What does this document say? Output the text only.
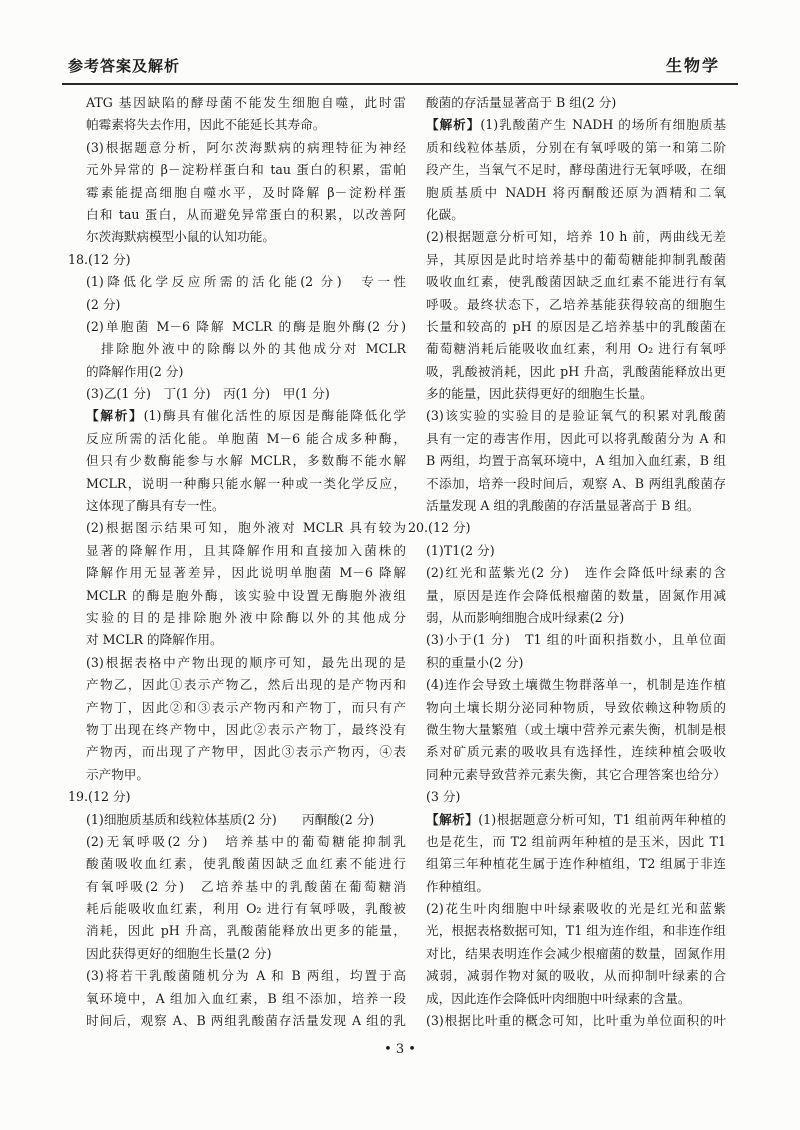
参考答案及解析	生物学
ATG 基因缺陷的酵母菌不能发生细胞自噬，此时雷
帕霉素将失去作用，因此不能延长其寿命。
(3)根据题意分析，阿尔茨海默病的病理特征为神经
元外异常的 β－淀粉样蛋白和 tau 蛋白的积累，雷帕
霉素能提高细胞自噬水平，及时降解 β－淀粉样蛋
白和 tau 蛋白，从而避免异常蛋白的积累，以改善阿
尔茨海默病模型小鼠的认知功能。
18.(12 分)
(1)降低化学反应所需的活化能(2 分)　专一性
(2 分)
(2)单胞菌 M－6 降解 MCLR 的酶是胞外酶(2 分)
　排除胞外液中的除酶以外的其他成分对 MCLR
的降解作用(2 分)
(3)乙(1 分)　丁(1 分)　丙(1 分)　甲(1 分)
【解析】(1)酶具有催化活性的原因是酶能降低化学
反应所需的活化能。单胞菌 M－6 能合成多种酶，
但只有少数酶能参与水解 MCLR，多数酶不能水解
MCLR，说明一种酶只能水解一种或一类化学反应，
这体现了酶具有专一性。
(2)根据图示结果可知，胞外液对 MCLR 具有较为
显著的降解作用，且其降解作用和直接加入菌株的
降解作用无显著差异，因此说明单胞菌 M－6 降解
MCLR 的酶是胞外酶，该实验中设置无酶胞外液组
实验的目的是排除胞外液中除酶以外的其他成分
对 MCLR 的降解作用。
(3)根据表格中产物出现的顺序可知，最先出现的是
产物乙，因此①表示产物乙，然后出现的是产物丙和
产物丁，因此②和③表示产物丙和产物丁，而只有产
物丁出现在终产物中，因此②表示产物丁，最终没有
产物丙，而出现了产物甲，因此③表示产物丙，④表
示产物甲。
19.(12 分)
(1)细胞质基质和线粒体基质(2 分)　　丙酮酸(2 分)
(2)无氧呼吸(2 分)　培养基中的葡萄糖能抑制乳
酸菌吸收血红素，使乳酸菌因缺乏血红素不能进行
有氧呼吸(2 分)　乙培养基中的乳酸菌在葡萄糖消
耗后能吸收血红素，利用 O₂ 进行有氧呼吸，乳酸被
消耗，因此 pH 升高，乳酸菌能释放出更多的能量，
因此获得更好的细胞生长量(2 分)
(3)将若干乳酸菌随机分为 A 和 B 两组，均置于高
氧环境中，A 组加入血红素，B 组不添加，培养一段
时间后，观察 A、B 两组乳酸菌存活量发现 A 组的乳
酸菌的存活量显著高于 B 组(2 分)
【解析】(1)乳酸菌产生 NADH 的场所有细胞质基
质和线粒体基质，分别在有氧呼吸的第一和第二阶
段产生，当氧气不足时，酵母菌进行无氧呼吸，在细
胞质基质中 NADH 将丙酮酸还原为酒精和二氧
化碳。
(2)根据题意分析可知，培养 10 h 前，两曲线无差
异，其原因是此时培养基中的葡萄糖能抑制乳酸菌
吸收血红素，使乳酸菌因缺乏血红素不能进行有氧
呼吸。最终状态下，乙培养基能获得较高的细胞生
长量和较高的 pH 的原因是乙培养基中的乳酸菌在
葡萄糖消耗后能吸收血红素，利用 O₂ 进行有氧呼
吸，乳酸被消耗，因此 pH 升高，乳酸菌能释放出更
多的能量，因此获得更好的细胞生长量。
(3)该实验的实验目的是验证氧气的积累对乳酸菌
具有一定的毒害作用，因此可以将乳酸菌分为 A 和
B 两组，均置于高氧环境中，A 组加入血红素，B 组
不添加，培养一段时间后，观察 A、B 两组乳酸菌存
活量发现 A 组的乳酸菌的存活量显著高于 B 组。
20.(12 分)
(1)T1(2 分)
(2)红光和蓝紫光(2 分)　连作会降低叶绿素的含
量，原因是连作会降低根瘤菌的数量，固氮作用减
弱，从而影响细胞合成叶绿素(2 分)
(3)小于(1 分)　T1 组的叶面积指数小，且单位面
积的重量小(2 分)
(4)连作会导致土壤微生物群落单一，机制是连作植
物向土壤长期分泌同种物质，导致依赖这种物质的
微生物大量繁殖（或土壤中营养元素失衡，机制是根
系对矿质元素的吸收具有选择性，连续种植会吸收
同种元素导致营养元素失衡，其它合理答案也给分）
(3 分)
【解析】(1)根据题意分析可知，T1 组前两年种植的
也是花生，而 T2 组前两年种植的是玉米，因此 T1
组第三年种植花生属于连作种植组，T2 组属于非连
作种植组。
(2)花生叶肉细胞中叶绿素吸收的光是红光和蓝紫
光，根据表格数据可知，T1 组为连作组，和非连作组
对比，结果表明连作会减少根瘤菌的数量，固氮作用
减弱，减弱作物对氮的吸收，从而抑制叶绿素的合
成，因此连作会降低叶肉细胞中叶绿素的含量。
(3)根据比叶重的概念可知，比叶重为单位面积的叶
• 3 •
